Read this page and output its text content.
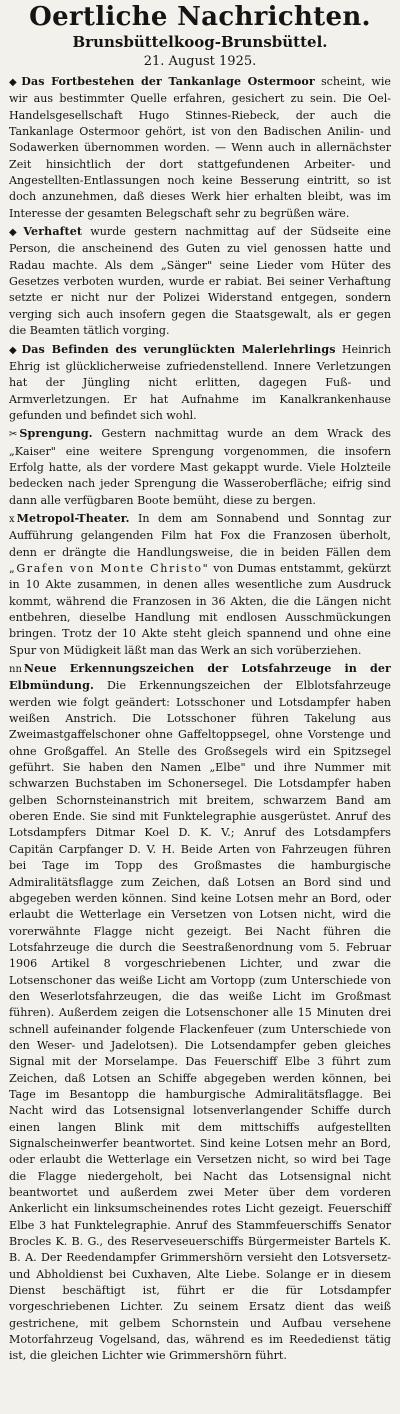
Oertliche Nachrichten.
Brunsbüttelkoog-Brunsbüttel.
21. August 1925.

◆ Das Fortbestehen der Tankanlage Ostermoor scheint, wie wir aus bestimmter Quelle erfahren, gesichert zu sein. Die Oel-Handelsgesellschaft Hugo Stinnes-Riebeck, der auch die Tankanlage Ostermoor gehört, ist von den Badischen Anilin- und Sodawerken übernommen worden. — Wenn auch in allernächster Zeit hinsichtlich der dort stattgefundenen Arbeiter- und Angestellten-Entlassungen noch keine Besserung eintritt, so ist doch anzunehmen, daß dieses Werk hier erhalten bleibt, was im Interesse der gesamten Belegschaft sehr zu begrüßen wäre.

◆ Verhaftet wurde gestern nachmittag auf der Südseite eine Person, die anscheinend des Guten zu viel genossen hatte und Radau machte. Als dem „Sänger" seine Lieder vom Hüter des Gesetzes verboten wurden, wurde er rabiat. Bei seiner Verhaftung setzte er nicht nur der Polizei Widerstand entgegen, sondern verging sich auch insofern gegen die Staatsgewalt, als er gegen die Beamten tätlich vorging.

◆ Das Befinden des verunglückten Malerlehrlings Heinrich Ehrig ist glücklicherweise zufriedenstellend. Innere Verletzungen hat der Jüngling nicht erlitten, dagegen Fuß- und Armverletzungen. Er hat Aufnahme im Kanalkrankenhause gefunden und befindet sich wohl.

✂ Sprengung. Gestern nachmittag wurde an dem Wrack des „Kaiser" eine weitere Sprengung vorgenommen, die insofern Erfolg hatte, als der vordere Mast gekappt wurde. Viele Holzteile bedecken nach jeder Sprengung die Wasseroberfläche; eifrig sind dann alle verfügbaren Boote bemüht, diese zu bergen.

x Metropol-Theater. In dem am Sonnabend und Sonntag zur Aufführung gelangenden Film hat Fox die Franzosen überholt, denn er drängte die Handlungsweise, die in beiden Fällen dem „Grafen von Monte Christo" von Dumas entstammt, gekürzt in 10 Akte zusammen, in denen alles wesentliche zum Ausdruck kommt, während die Franzosen in 36 Akten, die die Längen nicht entbehren, dieselbe Handlung mit endlosen Ausschmückungen bringen. Trotz der 10 Akte steht gleich spannend und ohne eine Spur von Müdigkeit läßt man das Werk an sich vorüberziehen.

nn Neue Erkennungszeichen der Lotsfahrzeuge in der Elbmündung. Die Erkennungszeichen der Elblotsfahrzeuge werden wie folgt geändert: Lotsschoner und Lotsdampfer haben weißen Anstrich. Die Lotsschoner führen Takelung aus Zweimastgaffelschoner ohne Gaffeltoppsegel, ohne Vorstenge und ohne Großgaffel. An Stelle des Großsegels wird ein Spitzsegel geführt. Sie haben den Namen „Elbe" und ihre Nummer mit schwarzen Buchstaben im Schonersegel. Die Lotsdampfer haben gelben Schornsteinanstrich mit breitem, schwarzem Band am oberen Ende. Sie sind mit Funktelegraphie ausgerüstet. Anruf des Lotsdampfers Ditmar Koel D. K. V.; Anruf des Lotsdampfers Capitän Carpfanger D. V. H. Beide Arten von Fahrzeugen führen bei Tage im Topp des Großmastes die hamburgische Admiralitätsflagge zum Zeichen, daß Lotsen an Bord sind und abgegeben werden können. Sind keine Lotsen mehr an Bord, oder erlaubt die Wetterlage ein Versetzen von Lotsen nicht, wird die vorerwähnte Flagge nicht gezeigt. Bei Nacht führen die Lotsfahrzeuge die durch die Seestraßenordnung vom 5. Februar 1906 Artikel 8 vorgeschriebenen Lichter, und zwar die Lotsenschoner das weiße Licht am Vortopp (zum Unterschiede von den Weserlotsfahrzeugen, die das weiße Licht im Großmast führen). Außerdem zeigen die Lotsenschoner alle 15 Minuten drei schnell aufeinander folgende Flackenfeuer (zum Unterschiede von den Weser- und Jadelotsen). Die Lotsendampfer geben gleiches Signal mit der Morselampe. Das Feuerschiff Elbe 3 führt zum Zeichen, daß Lotsen an Schiffe abgegeben werden können, bei Tage im Besantopp die hamburgische Admiralitätsflagge. Bei Nacht wird das Lotsensignal lotsenverlangender Schiffe durch einen langen Blink mit dem mittschiffs aufgestellten Signalscheinwerfer beantwortet. Sind keine Lotsen mehr an Bord, oder erlaubt die Wetterlage ein Versetzen nicht, so wird bei Tage die Flagge niedergeholt, bei Nacht das Lotsensignal nicht beantwortet und außerdem zwei Meter über dem vorderen Ankerlicht ein linksumscheinendes rotes Licht gezeigt. Feuerschiff Elbe 3 hat Funktelegraphie. Anruf des Stammfeuerschiffs Senator Brocles K. B. G., des Reserveseuerschiffs Bürgermeister Bartels K. B. A. Der Reedendampfer Grimmershörn versieht den Lotsversetz- und Abholdienst bei Cuxhaven, Alte Liebe. Solange er in diesem Dienst beschäftigt ist, führt er die für Lotsdampfer vorgeschriebenen Lichter. Zu seinem Ersatz dient das weiß gestrichene, mit gelbem Schornstein und Aufbau versehene Motorfahrzeug Vogelsand, das, während es im Reededienst tätig ist, die gleichen Lichter wie Grimmershörn führt.
